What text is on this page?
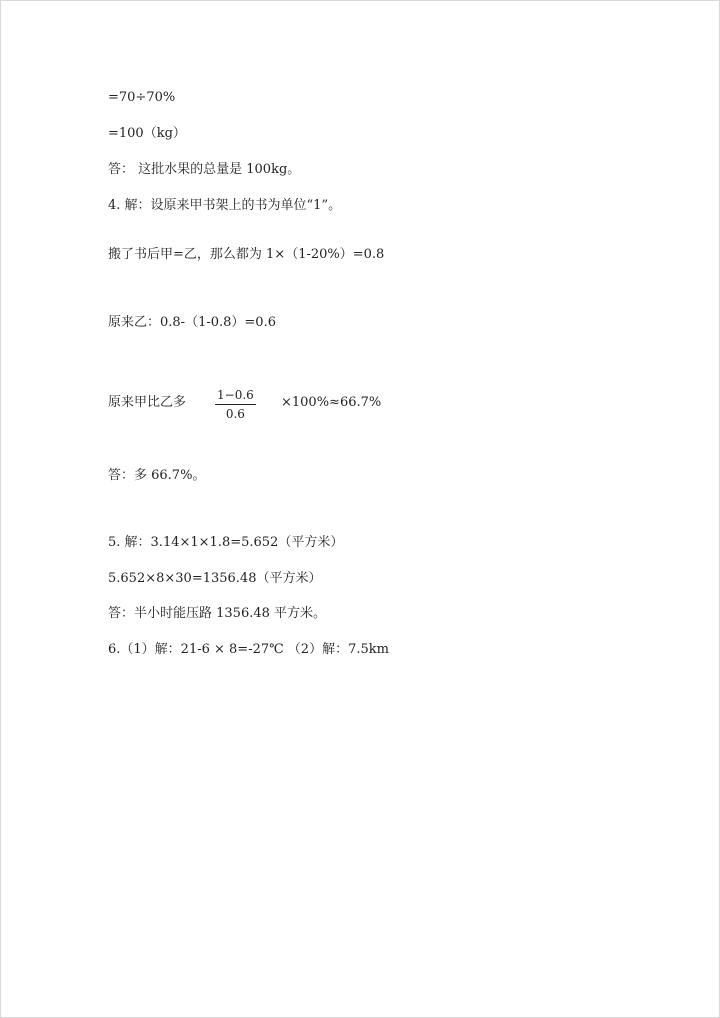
=70÷70%
=100（kg）
答： 这批水果的总量是 100kg。
4. 解：设原来甲书架上的书为单位“1”。
搬了书后甲=乙，那么都为 1×（1-20%）=0.8
原来乙：0.8-（1-0.8）=0.6
原来甲比乙多	1−0.6
0.6
×100%≈66.7%
答：多 66.7%。
5. 解：3.14×1×1.8=5.652（平方米）
5.652×8×30=1356.48（平方米）
答：半小时能压路 1356.48 平方米。
6.（1）解：21-6 × 8=-27℃ （2）解：7.5km
